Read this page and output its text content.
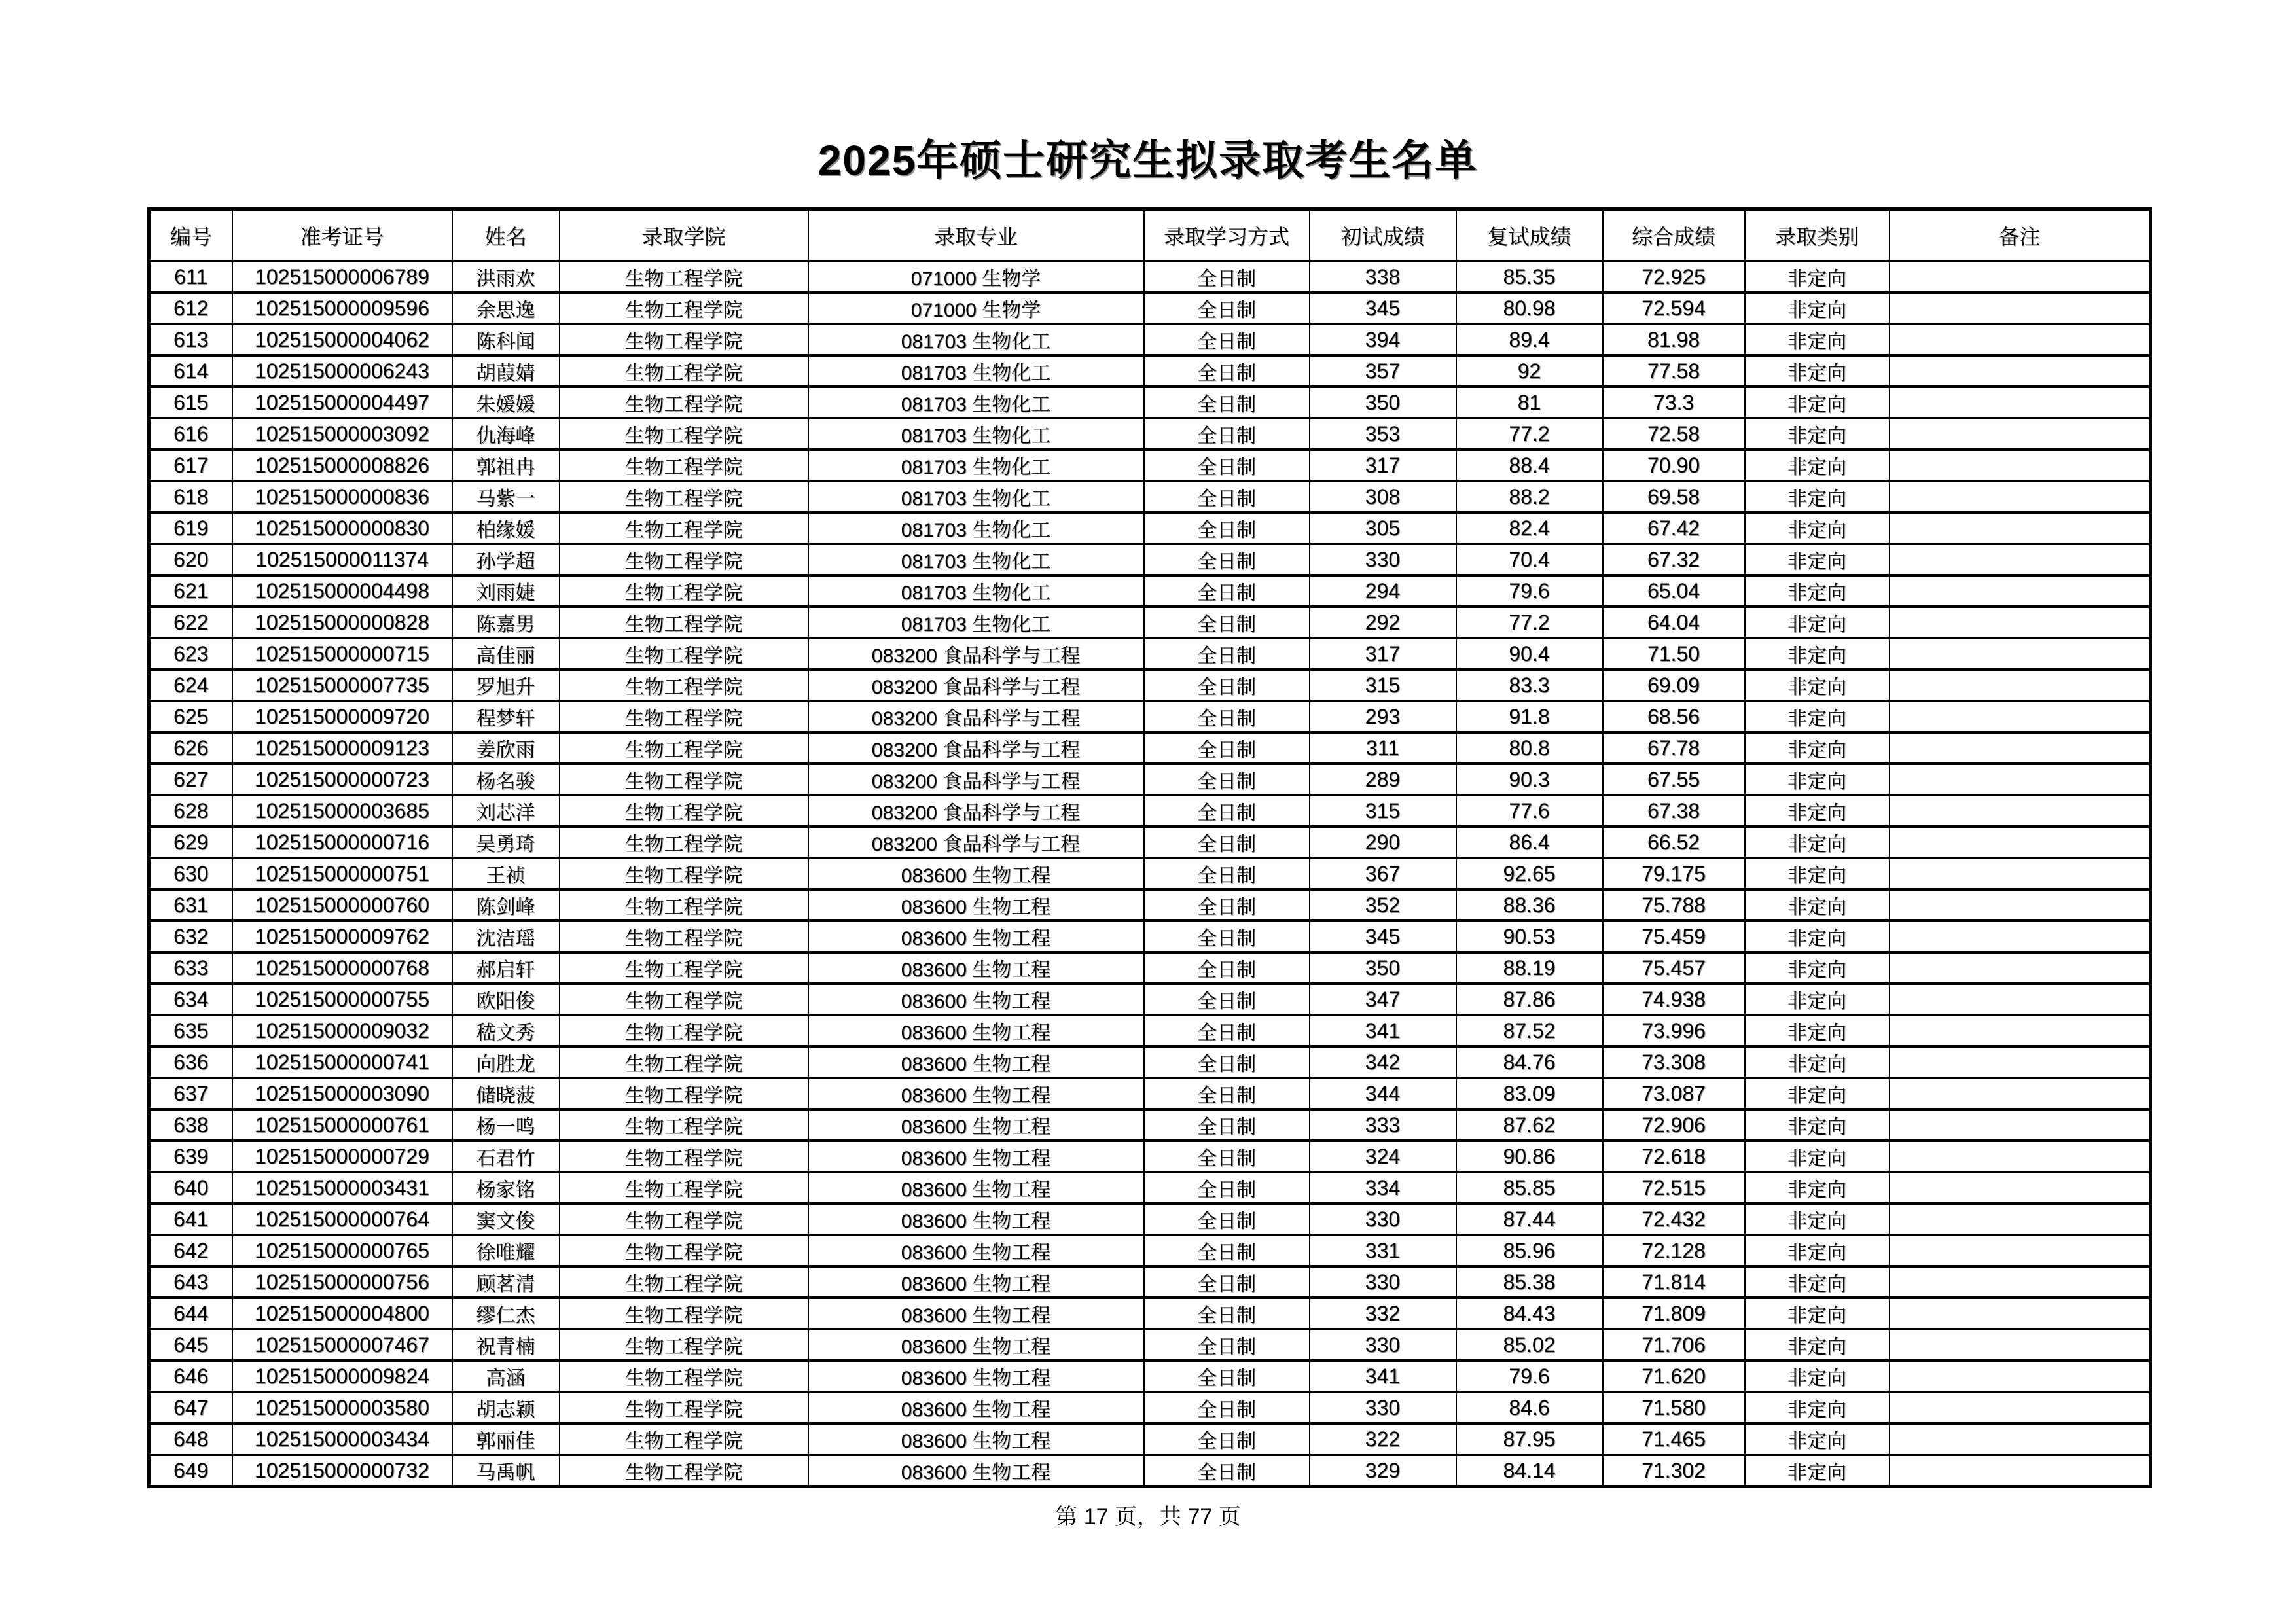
2025年硕士研究生拟录取考生名单
编号	准考证号	姓名	录取学院	录取专业	录取学习方式	初试成绩	复试成绩	综合成绩	录取类别	备注
611	102515000006789	洪雨欢	生物工程学院	071000 生物学	全日制	338	85.35	72.925	非定向	
612	102515000009596	余思逸	生物工程学院	071000 生物学	全日制	345	80.98	72.594	非定向	
613	102515000004062	陈科闻	生物工程学院	081703 生物化工	全日制	394	89.4	81.98	非定向	
614	102515000006243	胡葭婧	生物工程学院	081703 生物化工	全日制	357	92	77.58	非定向	
615	102515000004497	朱媛媛	生物工程学院	081703 生物化工	全日制	350	81	73.3	非定向	
616	102515000003092	仇海峰	生物工程学院	081703 生物化工	全日制	353	77.2	72.58	非定向	
617	102515000008826	郭祖冉	生物工程学院	081703 生物化工	全日制	317	88.4	70.90	非定向	
618	102515000000836	马紫一	生物工程学院	081703 生物化工	全日制	308	88.2	69.58	非定向	
619	102515000000830	柏缘媛	生物工程学院	081703 生物化工	全日制	305	82.4	67.42	非定向	
620	102515000011374	孙学超	生物工程学院	081703 生物化工	全日制	330	70.4	67.32	非定向	
621	102515000004498	刘雨婕	生物工程学院	081703 生物化工	全日制	294	79.6	65.04	非定向	
622	102515000000828	陈嘉男	生物工程学院	081703 生物化工	全日制	292	77.2	64.04	非定向	
623	102515000000715	高佳丽	生物工程学院	083200 食品科学与工程	全日制	317	90.4	71.50	非定向	
624	102515000007735	罗旭升	生物工程学院	083200 食品科学与工程	全日制	315	83.3	69.09	非定向	
625	102515000009720	程梦轩	生物工程学院	083200 食品科学与工程	全日制	293	91.8	68.56	非定向	
626	102515000009123	姜欣雨	生物工程学院	083200 食品科学与工程	全日制	311	80.8	67.78	非定向	
627	102515000000723	杨名骏	生物工程学院	083200 食品科学与工程	全日制	289	90.3	67.55	非定向	
628	102515000003685	刘芯洋	生物工程学院	083200 食品科学与工程	全日制	315	77.6	67.38	非定向	
629	102515000000716	吴勇琦	生物工程学院	083200 食品科学与工程	全日制	290	86.4	66.52	非定向	
630	102515000000751	王祯	生物工程学院	083600 生物工程	全日制	367	92.65	79.175	非定向	
631	102515000000760	陈剑峰	生物工程学院	083600 生物工程	全日制	352	88.36	75.788	非定向	
632	102515000009762	沈洁瑶	生物工程学院	083600 生物工程	全日制	345	90.53	75.459	非定向	
633	102515000000768	郝启轩	生物工程学院	083600 生物工程	全日制	350	88.19	75.457	非定向	
634	102515000000755	欧阳俊	生物工程学院	083600 生物工程	全日制	347	87.86	74.938	非定向	
635	102515000009032	嵇文秀	生物工程学院	083600 生物工程	全日制	341	87.52	73.996	非定向	
636	102515000000741	向胜龙	生物工程学院	083600 生物工程	全日制	342	84.76	73.308	非定向	
637	102515000003090	储晓菠	生物工程学院	083600 生物工程	全日制	344	83.09	73.087	非定向	
638	102515000000761	杨一鸣	生物工程学院	083600 生物工程	全日制	333	87.62	72.906	非定向	
639	102515000000729	石君竹	生物工程学院	083600 生物工程	全日制	324	90.86	72.618	非定向	
640	102515000003431	杨家铭	生物工程学院	083600 生物工程	全日制	334	85.85	72.515	非定向	
641	102515000000764	窦文俊	生物工程学院	083600 生物工程	全日制	330	87.44	72.432	非定向	
642	102515000000765	徐唯耀	生物工程学院	083600 生物工程	全日制	331	85.96	72.128	非定向	
643	102515000000756	顾茗清	生物工程学院	083600 生物工程	全日制	330	85.38	71.814	非定向	
644	102515000004800	缪仁杰	生物工程学院	083600 生物工程	全日制	332	84.43	71.809	非定向	
645	102515000007467	祝青楠	生物工程学院	083600 生物工程	全日制	330	85.02	71.706	非定向	
646	102515000009824	高涵	生物工程学院	083600 生物工程	全日制	341	79.6	71.620	非定向	
647	102515000003580	胡志颖	生物工程学院	083600 生物工程	全日制	330	84.6	71.580	非定向	
648	102515000003434	郭丽佳	生物工程学院	083600 生物工程	全日制	322	87.95	71.465	非定向	
649	102515000000732	马禹帆	生物工程学院	083600 生物工程	全日制	329	84.14	71.302	非定向	
第 17 页，共 77 页
